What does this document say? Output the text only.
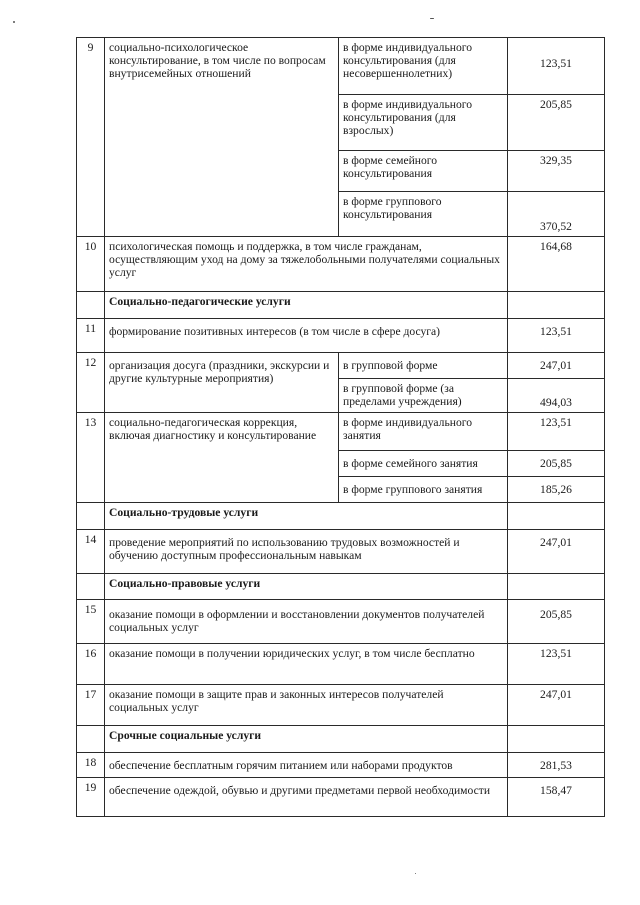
9	социально-психологическое консультирование, в том числе по вопросам внутрисемейных отношений	в форме индивидуального консультирования (для несовершеннолетних)	123,51
		в форме индивидуального консультирования (для взрослых)	205,85
		в форме семейного консультирования	329,35
		в форме группового консультирования	370,52
10	психологическая помощь и поддержка, в том числе гражданам, осуществляющим уход на дому за тяжелобольными получателями социальных услуг		164,68
	Социально-педагогические услуги		
11	формирование позитивных интересов (в том числе в сфере досуга)		123,51
12	организация досуга (праздники, экскурсии и другие культурные мероприятия)	в групповой форме	247,01
		в групповой форме (за пределами учреждения)	494,03
13	социально-педагогическая коррекция, включая диагностику и консультирование	в форме индивидуального занятия	123,51
		в форме семейного занятия	205,85
		в форме группового занятия	185,26
	Социально-трудовые услуги		
14	проведение мероприятий по использованию трудовых возможностей и обучению доступным профессиональным навыкам		247,01
	Социально-правовые услуги		
15	оказание помощи в оформлении и восстановлении документов получателей социальных услуг		205,85
16	оказание помощи в получении юридических услуг, в том числе бесплатно		123,51
17	оказание помощи в защите прав и законных интересов получателей социальных услуг		247,01
	Срочные социальные услуги		
18	обеспечение бесплатным горячим питанием или наборами продуктов		281,53
19	обеспечение одеждой, обувью и другими предметами первой необходимости		158,47
